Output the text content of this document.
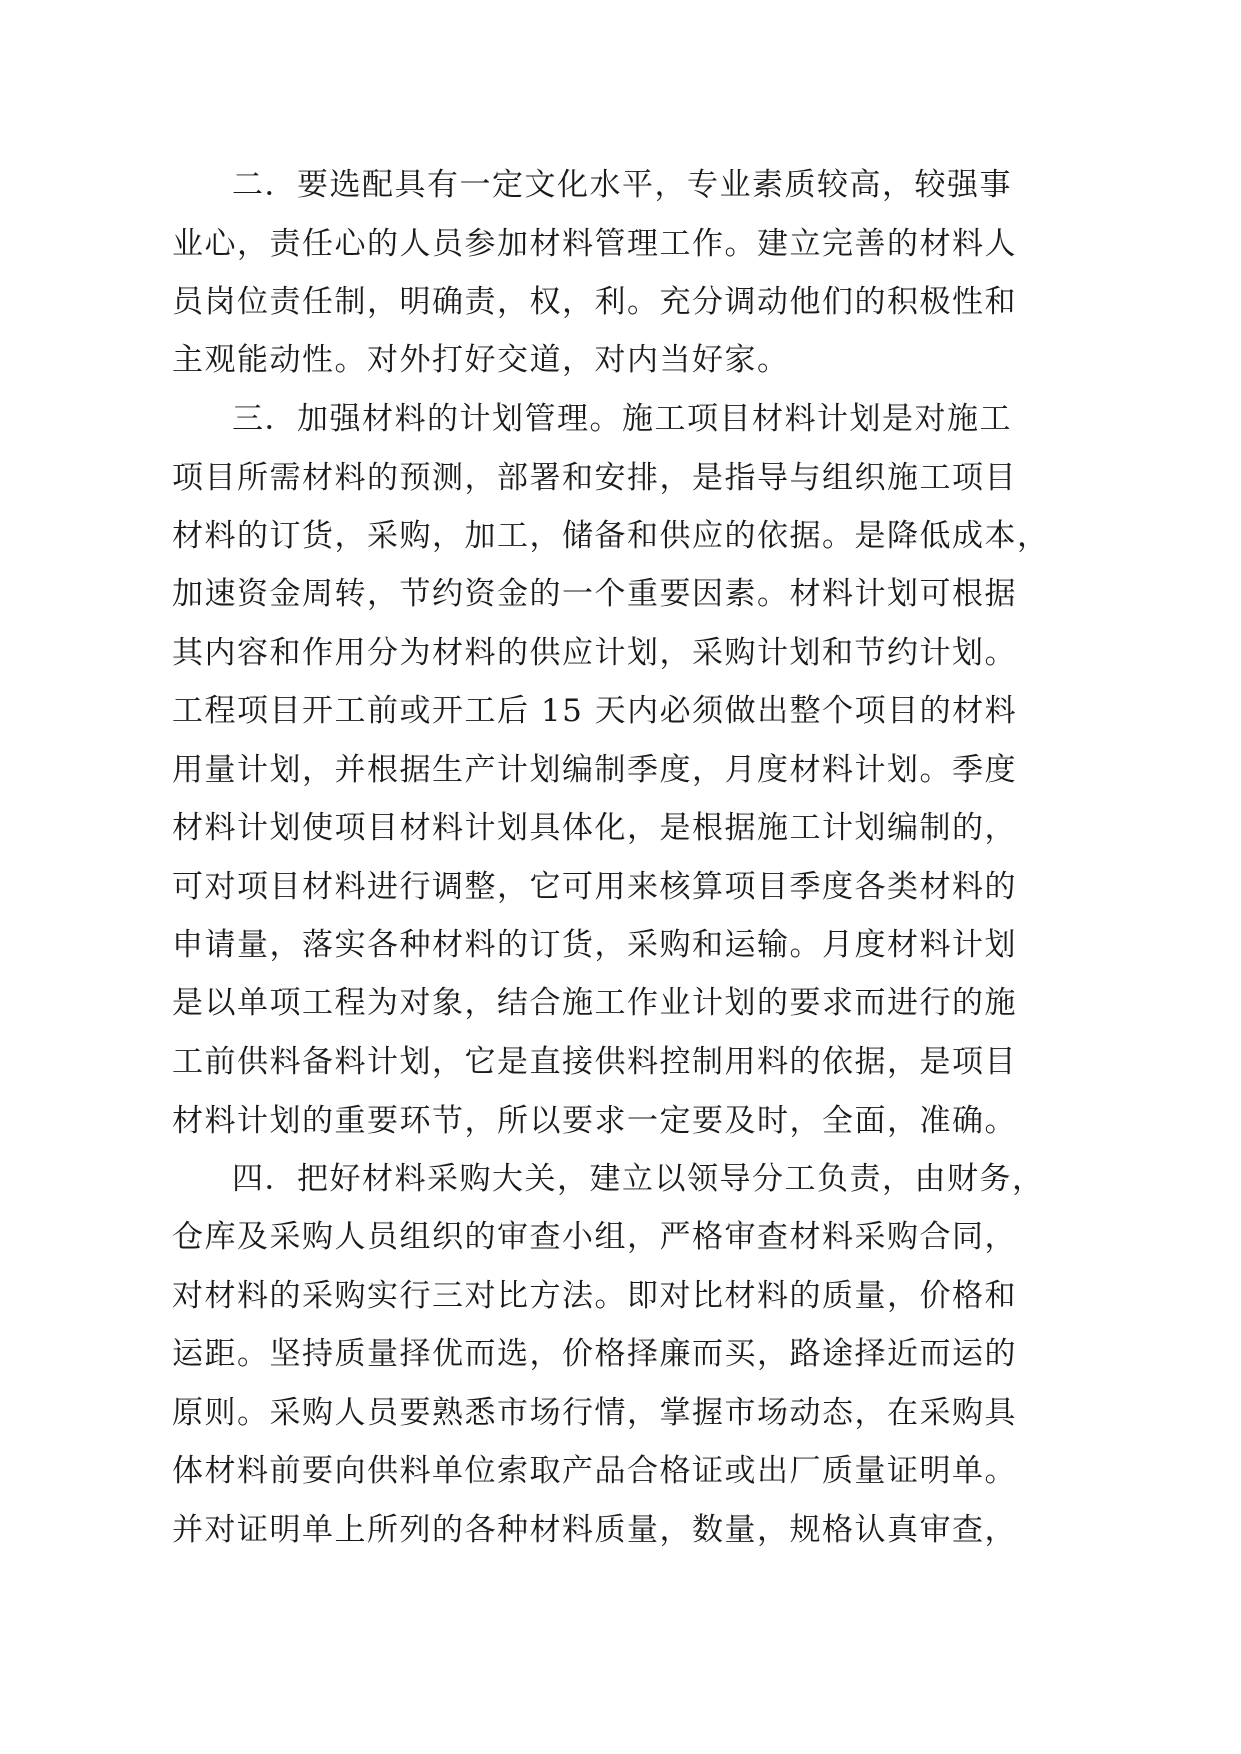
二．要选配具有一定文化水平，专业素质较高，较强事

业心，责任心的人员参加材料管理工作。建立完善的材料人

员岗位责任制，明确责，权，利。充分调动他们的积极性和

主观能动性。对外打好交道，对内当好家。

三．加强材料的计划管理。施工项目材料计划是对施工

项目所需材料的预测，部署和安排，是指导与组织施工项目

材料的订货，采购，加工，储备和供应的依据。是降低成本，

加速资金周转，节约资金的一个重要因素。材料计划可根据

其内容和作用分为材料的供应计划，采购计划和节约计划。

工程项目开工前或开工后 15 天内必须做出整个项目的材料

用量计划，并根据生产计划编制季度，月度材料计划。季度

材料计划使项目材料计划具体化，是根据施工计划编制的，

可对项目材料进行调整，它可用来核算项目季度各类材料的

申请量，落实各种材料的订货，采购和运输。月度材料计划

是以单项工程为对象，结合施工作业计划的要求而进行的施

工前供料备料计划，它是直接供料控制用料的依据，是项目

材料计划的重要环节，所以要求一定要及时，全面，准确。

四．把好材料采购大关，建立以领导分工负责，由财务，

仓库及采购人员组织的审查小组，严格审查材料采购合同，

对材料的采购实行三对比方法。即对比材料的质量，价格和

运距。坚持质量择优而选，价格择廉而买，路途择近而运的

原则。采购人员要熟悉市场行情，掌握市场动态，在采购具

体材料前要向供料单位索取产品合格证或出厂质量证明单。

并对证明单上所列的各种材料质量，数量，规格认真审查，
